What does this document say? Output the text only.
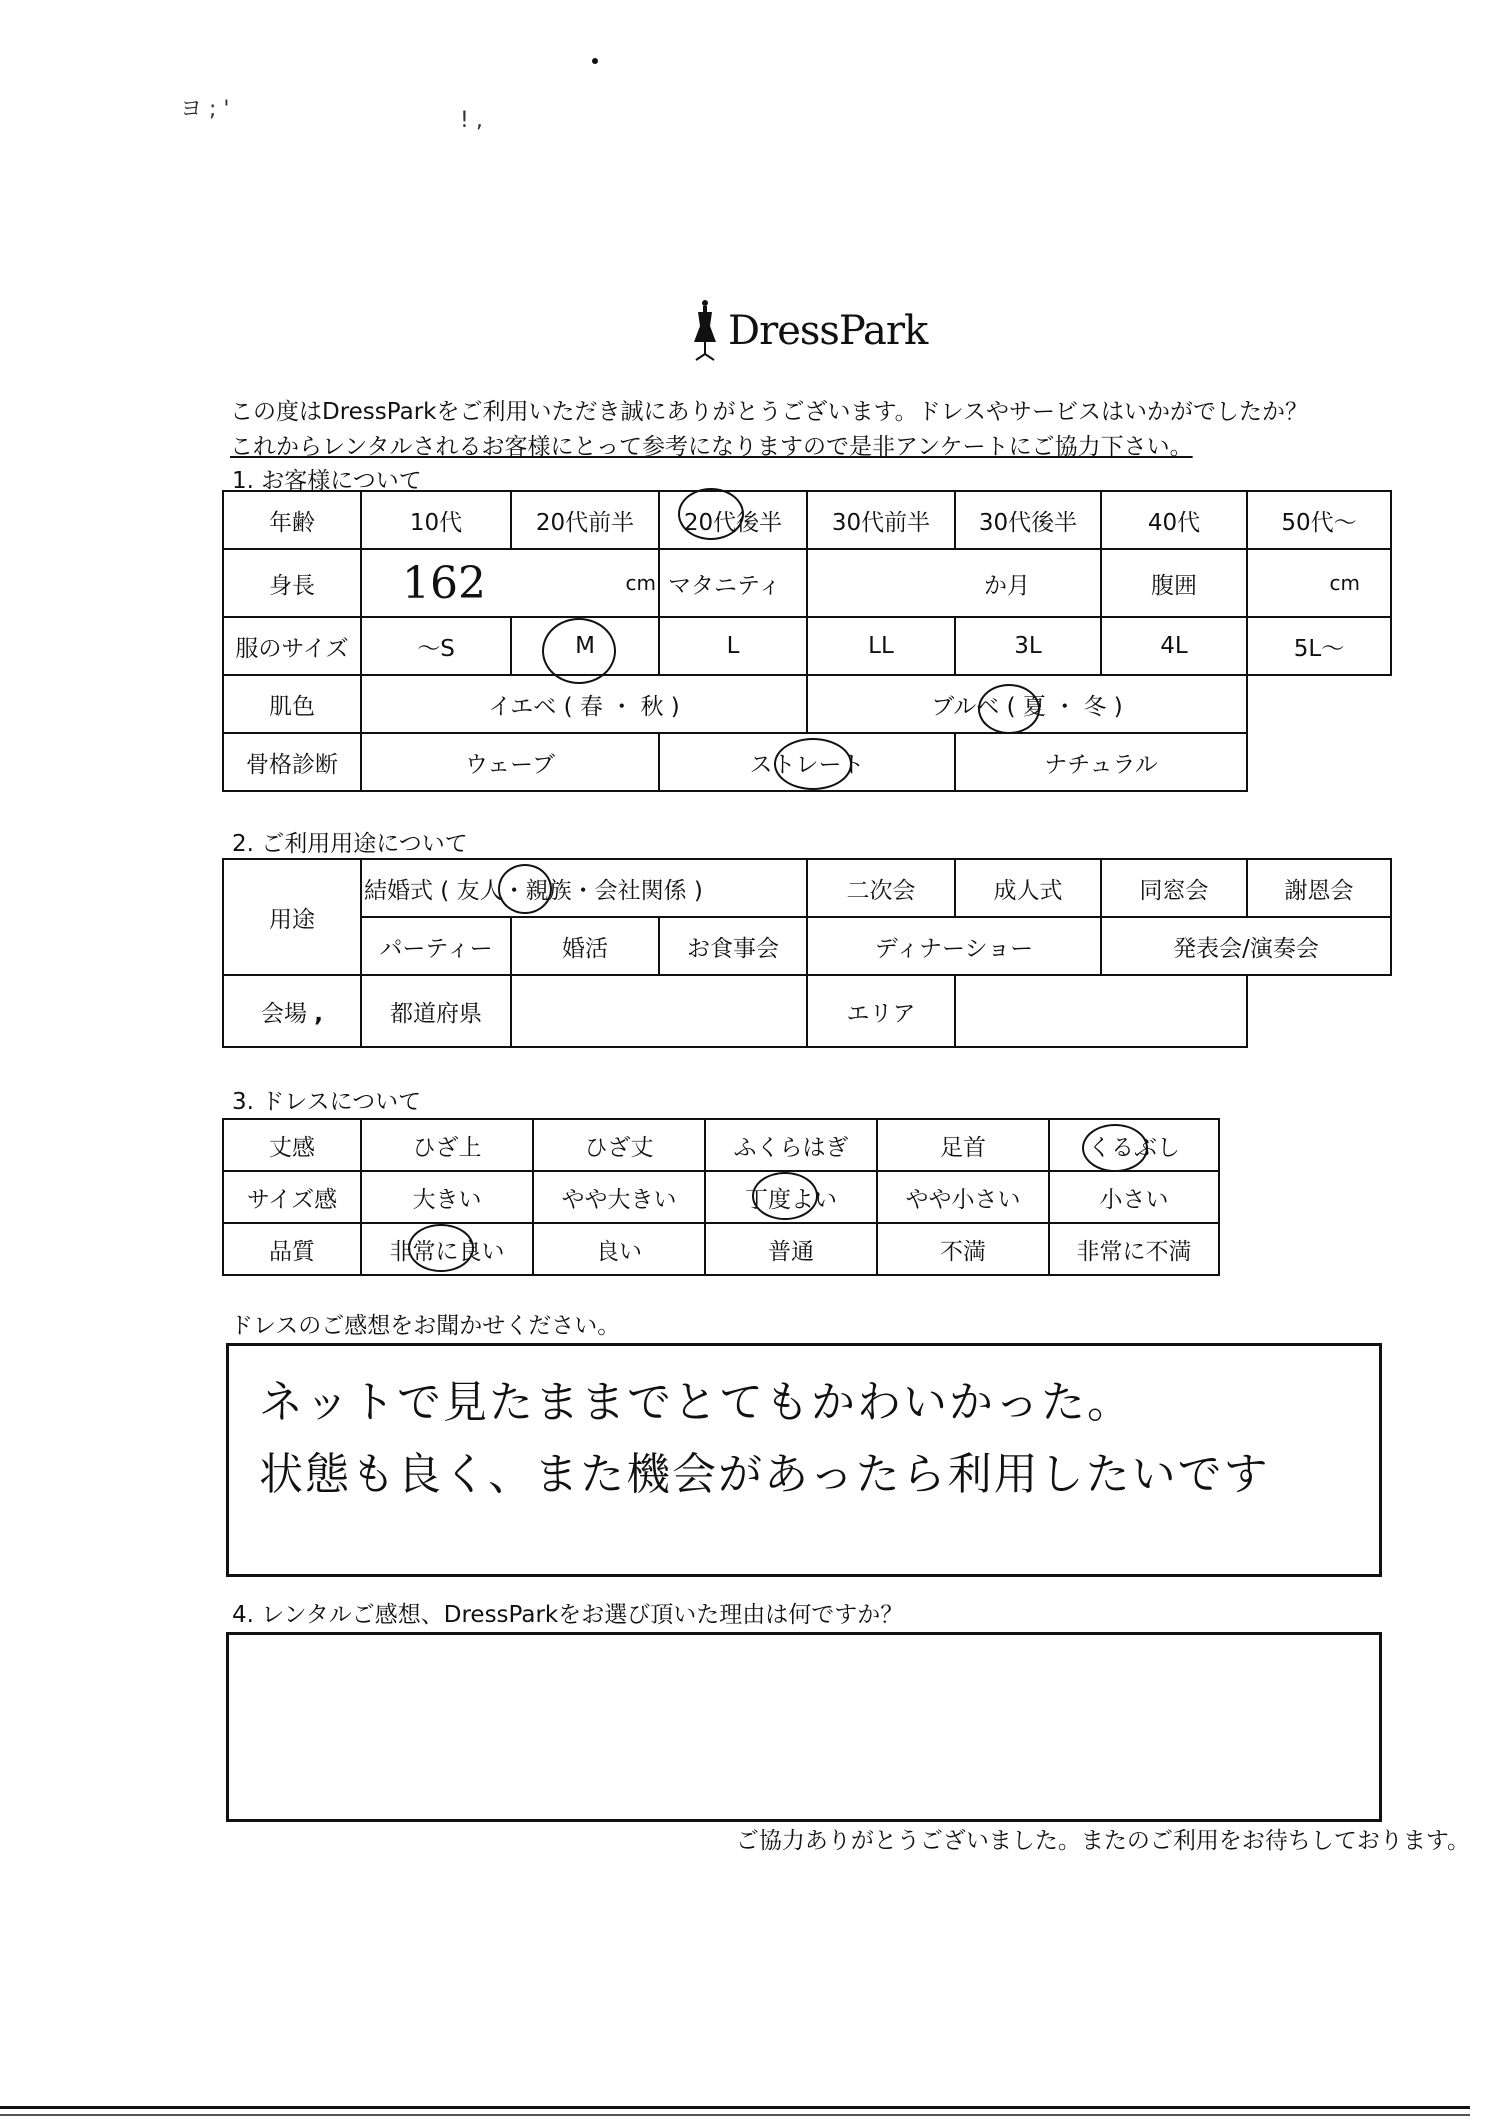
ヨ ; '	! ,
DressPark
この度はDressParkをご利用いただき誠にありがとうございます。ドレスやサービスはいかがでしたか？
これからレンタルされるお客様にとって参考になりますので是非アンケートにご協力下さい。
1. お客様について
年齢	10代	20代前半	20代後半	30代前半	30代後半	40代	50代～
身長	162	cm	マタニティ	か月		腹囲	cm
服のサイズ	～S	M	L	LL	3L	4L	5L～
肌色	イエベ ( 春 ・ 秋 )			ブルベ ( 夏 ・ 冬 )			
骨格診断	ウェーブ		ストレート		ナチュラル		
2. ご利用用途について
用途	結婚式 ( 友人・親族・会社関係 )			二次会	成人式	同窓会	謝恩会
	パーティー	婚活	お食事会	ディナーショー		発表会/演奏会	
会場 ,	都道府県			エリア			
3. ドレスについて
丈感	ひざ上	ひざ丈	ふくらはぎ	足首	くるぶし
サイズ感	大きい	やや大きい	丁度よい	やや小さい	小さい
品質	非常に良い	良い	普通	不満	非常に不満
ドレスのご感想をお聞かせください。
ネットで見たままでとてもかわいかった。
状態も良く、また機会があったら利用したいです
4. レンタルご感想、DressParkをお選び頂いた理由は何ですか？
ご協力ありがとうございました。またのご利用をお待ちしております。
